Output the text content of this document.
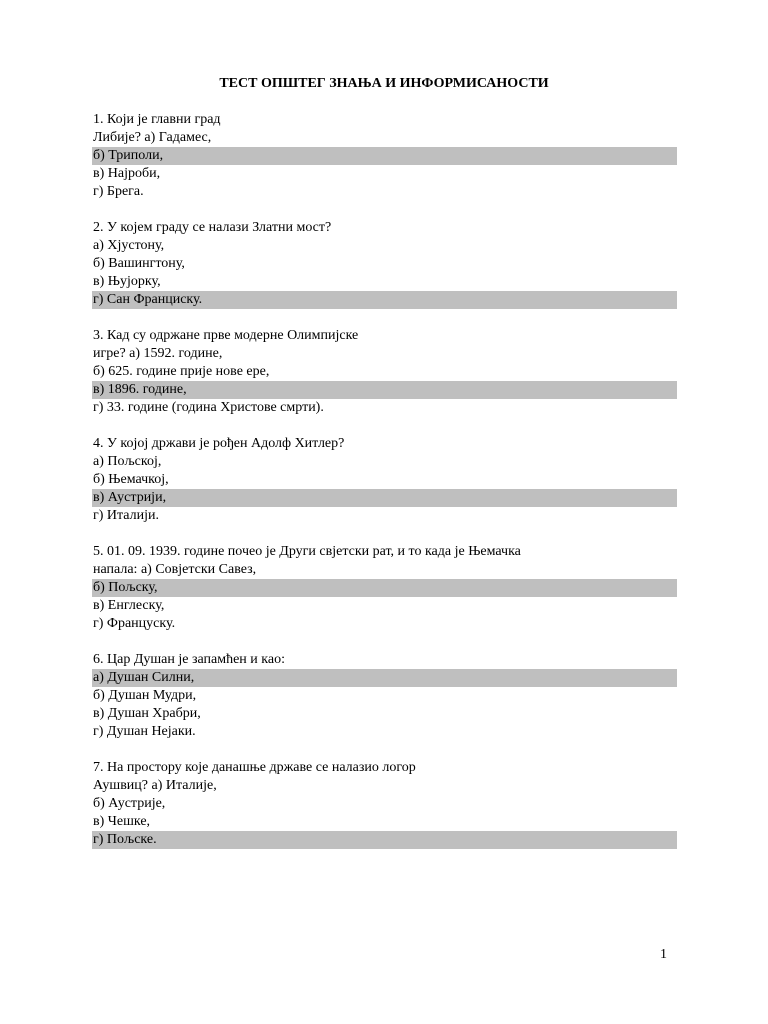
ТЕСТ ОПШТЕГ ЗНАЊА И ИНФОРМИСАНОСТИ
1. Који је главни град
Либије? а) Гадамес,
б) Триполи,
в) Најроби,
г) Брега.
2. У којем граду се налази Златни мост?
а) Хјустону,
б) Вашингтону,
в) Њујорку,
г) Сан Франциску.
3. Кад су одржане прве модерне Олимпијске
игре? а) 1592. године,
б) 625. године прије нове ере,
в) 1896. године,
г) 33. године (година Христове смрти).
4. У којој држави је рођен Адолф Хитлер?
а) Пољској,
б) Њемачкој,
в) Аустрији,
г) Италији.
5. 01. 09. 1939. године почео је Други свјетски рат, и то када је Њемачка
напала: а) Совјетски Савез,
б) Пољску,
в) Енглеску,
г) Француску.
6. Цар Душан је запамћен и као:
а) Душан Силни,
б) Душан Мудри,
в) Душан Храбри,
г) Душан Нејаки.
7. На простору које данашње државе се налазио логор
Аушвиц? а) Италије,
б) Аустрије,
в) Чешке,
г) Пољске.
1
